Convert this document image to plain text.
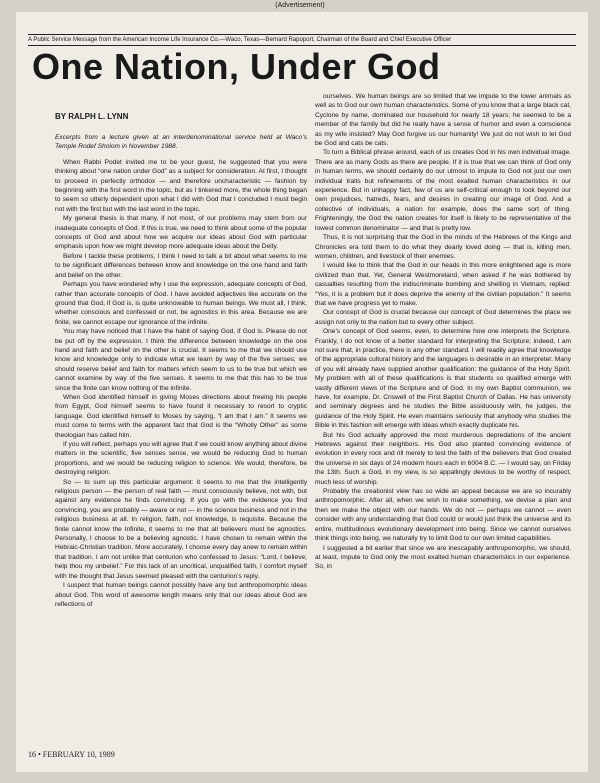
(Advertisement)
A Public Service Message from the American Income Life Insurance Co.—Waco, Texas—Bernard Rapoport, Chairman of the Board and Chief Executive Officer
One Nation, Under God
BY RALPH L. LYNN

Excerpts from a lecture given at an interdenominational service held at Waco’s Temple Rodef Sholom in November 1988.

When Rabbi Podet invited me to be your guest, he suggested that you were thinking about “one nation under God” as a subject for consideration. At first, I thought to proceed in perfectly orthodox — and therefore uncharacteristic — fashion by beginning with the first word in the topic, but as I tinkered more, the whole thing began to seem so utterly dependent upon what I did with God that I concluded I must begin not with the first but with the last word in the topic.

My general thesis is that many, if not most, of our problems may stem from our inadequate concepts of God. If this is true, we need to think about some of the popular concepts of God and about how we acquire our ideas about God with particular emphasis upon how we might develop more adequate ideas about the Deity.

Before I tackle these problems, I think I need to talk a bit about what seems to me to be significant differences between know and knowledge on the one hand and faith and belief on the other.

Perhaps you have wondered why I use the expression, adequate concepts of God, rather than accurate concepts of God. I have avoided adjectives like accurate on the ground that God, if God is, is quite unknowable to human beings. We must all, I think, whether conscious and confessed or not, be agnostics in this area. Because we are finite, we cannot escape our ignorance of the infinite.

You may have noticed that I have the habit of saying God, if God is. Please do not be put off by the expression. I think the difference between knowledge on the one hand and faith and belief on the other is crucial. It seems to me that we should use know and knowledge only to indicate what we learn by way of the five senses; we should reserve belief and faith for matters which seem to us to be true but which we cannot examine by way of the five senses. It seems to me that this has to be true since the finite can know nothing of the infinite.

When God identified himself in giving Moses directions about freeing his people from Egypt, God himself seems to have found it necessary to resort to cryptic language. God identified himself to Moses by saying, “I am that I am.” It seems we must come to terms with the apparent fact that God is the “Wholly Other” as some theologian has called him.

If you will reflect, perhaps you will agree that if we could know anything about divine matters in the scientific, five senses sense, we would be reducing God to human proportions, and we would be reducing religion to science. We would, therefore, be destroying religion.

So — to sum up this particular argument: it seems to me that the intelligently religious person — the person of real faith — must consciously believe, not with, but against any evidence he finds convincing. If you go with the evidence you find convincing, you are probably — aware or not — in the science business and not in the religious business at all. In religion, faith, not knowledge, is requisite. Because the finite cannot know the Infinite, it seems to me that all believers must be agnostics. Personally, I choose to be a believing agnostic. I have chosen to remain within the Hebraic-Christian tradition. More accurately, I choose every day anew to remain within that tradition. I am not unlike that centurion who confessed to Jesus: “Lord, I believe; help thou my unbelief.” For this lack of an uncritical, unqualified faith, I comfort myself with the thought that Jesus seemed pleased with the centurion’s reply.

I suspect that human beings cannot possibly have any but anthropomorphic ideas about God. This word of awesome length means only that our ideas about God are reflections of

ourselves. We human beings are so limited that we impute to the lower animals as well as to God our own human characteristics. Some of you know that a large black cat, Cyclone by name, dominated our household for nearly 18 years; he seemed to be a member of the family but did he really have a sense of humor and even a conscience as my wife insisted? May God forgive us our humanity! We just do not wish to let God be God and cats be cats.

To turn a Biblical phrase around, each of us creates God in his own individual image. There are as many Gods as there are people. If it is true that we can think of God only in human terms, we should certainly do our utmost to impute to God not just our own individual traits but refinements of the most exalted human characteristics in our experience. But in unhappy fact, few of us are self-critical enough to look beyond our own prejudices, hatreds, fears, and desires in creating our image of God. And a collective of individuals, a nation for example, does the same sort of thing. Frighteningly, the God the nation creates for itself is likely to be representative of the lowest common denominator — and that is pretty low.

Thus, it is not surprising that the God in the minds of the Hebrews of the Kings and Chronicles era told them to do what they dearly loved doing — that is, killing men, women, children, and livestock of their enemies.

I would like to think that the God in our heads in this more enlightened age is more civilized than that. Yet, General Westmoreland, when asked if he was bothered by casualties resulting from the indiscriminate bombing and shelling in Vietnam, replied: “Yes, it is a problem but it does deprive the enemy of the civilian population.” It seems that we have progress yet to make.

Our concept of God is crucial because our concept of God determines the place we assign not only to the nation but to every other subject.

One’s concept of God seems, even, to determine how one interprets the Scripture. Frankly, I do not know of a better standard for interpreting the Scripture; indeed, I am not sure that, in practice, there is any other standard. I will readily agree that knowledge of the appropriate cultural history and the languages is desirable in an interpreter. Many of you will already have supplied another qualification: the guidance of the Holy Spirit. My problem with all of these qualifications is that students so qualified emerge with vastly different views of the Scripture and of God. In my own Baptist communion, we have, for example, Dr. Criswell of the First Baptist Church of Dallas. He has university and seminary degrees and he studies the Bible assiduously with, he judges, the guidance of the Holy Spirit. He even maintains seriously that anybody who studies the Bible in this fashion will emerge with ideas which exactly duplicate his.

But his God actually approved the most murderous depredations of the ancient Hebrews against their neighbors. His God also planted convincing evidence of evolution in every rock and rill merely to test the faith of the believers that God created the universe in six days of 24 modern hours each in 6004 B.C. — I would say, on Friday the 13th. Such a God, in my view, is so appallingly devious to be worthy of respect, much less of worship.

Probably the creationist view has so wide an appeal because we are so incurably anthropomorphic. After all, when we wish to make something, we devise a plan and then we make the object with our hands. We do not — perhaps we cannot — even consider with any understanding that God could or would just think the universe and its entire, multitudinous evolutionary development into being. Since we cannot ourselves think things into being, we naturally try to limit God to our own limited capabilities.

I suggested a bit earlier that since we are inescapably anthropomorphic, we should, at least, impute to God only the most exalted human characteristics in our experience. So, in

16 • FEBRUARY 10, 1989
